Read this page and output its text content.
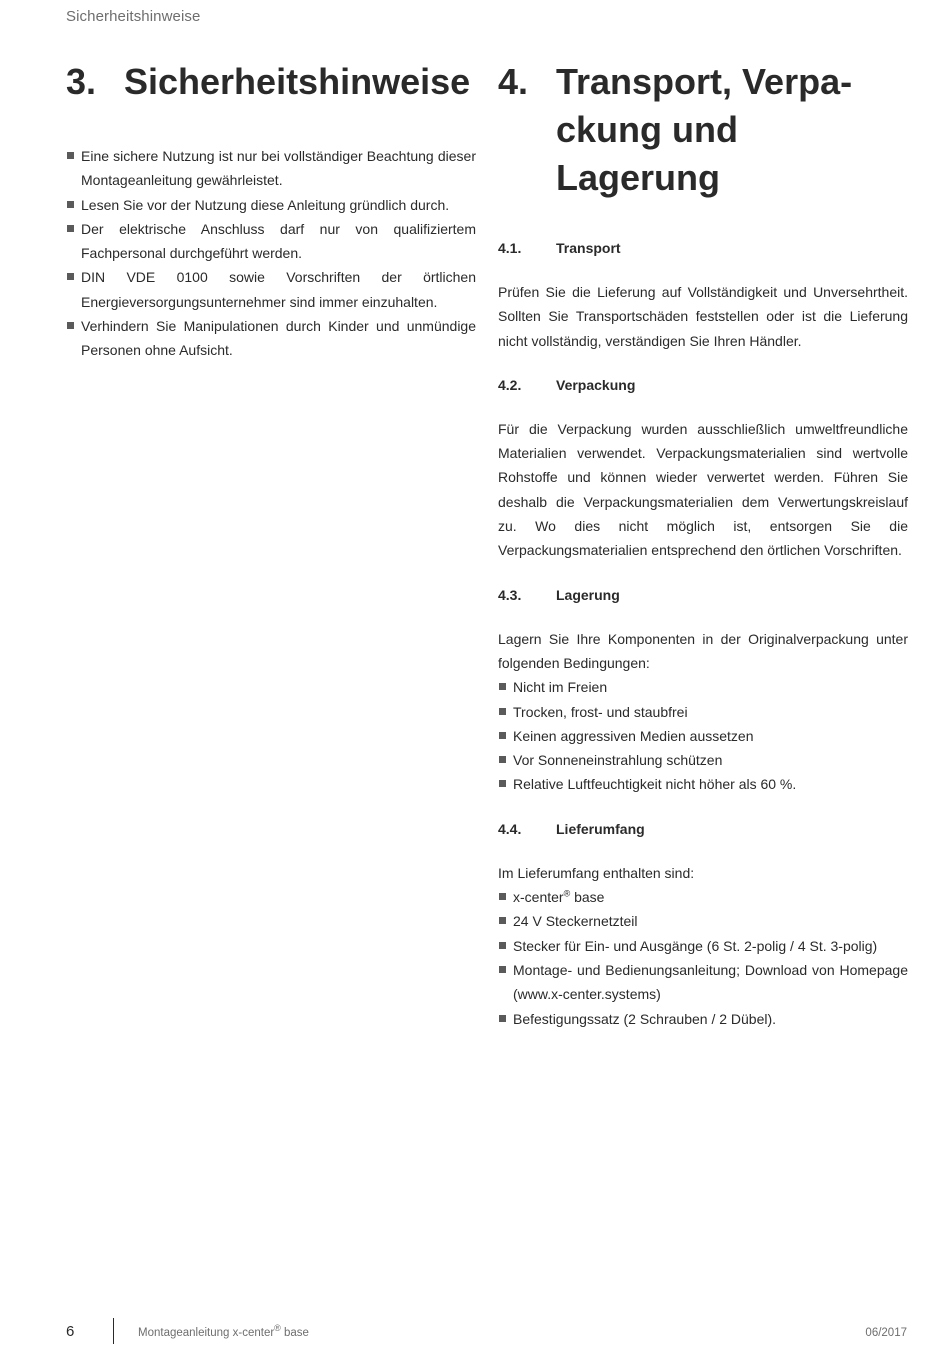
Sicherheitshinweise
3. Sicherheitshinweise
Eine sichere Nutzung ist nur bei vollständiger Beachtung dieser Montageanleitung gewährleistet.
Lesen Sie vor der Nutzung diese Anleitung gründlich durch.
Der elektrische Anschluss darf nur von qualifiziertem Fachpersonal durchgeführt werden.
DIN VDE 0100 sowie Vorschriften der örtlichen Energieversorgungsunternehmer sind immer einzuhalten.
Verhindern Sie Manipulationen durch Kinder und unmündige Personen ohne Aufsicht.
4. Transport, Verpa-
ckung und Lagerung
4.1.	Transport

Prüfen Sie die Lieferung auf Vollständigkeit und Unversehrtheit. Sollten Sie Transportschäden feststellen oder ist die Lieferung nicht vollständig, verständigen Sie Ihren Händler.

4.2.	Verpackung

Für die Verpackung wurden ausschließlich umweltfreundliche Materialien verwendet. Verpackungsmaterialien sind wertvolle Rohstoffe und können wieder verwertet werden. Führen Sie deshalb die Verpackungsmaterialien dem Verwertungskreislauf zu. Wo dies nicht möglich ist, entsorgen Sie die Verpackungsmaterialien entsprechend den örtlichen Vorschriften.

4.3.	Lagerung

Lagern Sie Ihre Komponenten in der Originalverpackung unter folgenden Bedingungen:

Nicht im Freien
Trocken, frost- und staubfrei
Keinen aggressiven Medien aussetzen
Vor Sonneneinstrahlung schützen
Relative Luftfeuchtigkeit nicht höher als 60 %.
4.4.	Lieferumfang

Im Lieferumfang enthalten sind:

x-center® base
24 V Steckernetzteil
Stecker für Ein- und Ausgänge (6 St. 2-polig / 4 St. 3-polig)
Montage- und Bedienungsanleitung; Download von Homepage (www.x-center.systems)
Befestigungssatz (2 Schrauben / 2 Dübel).
6	Montageanleitung x-center® base	06/2017
